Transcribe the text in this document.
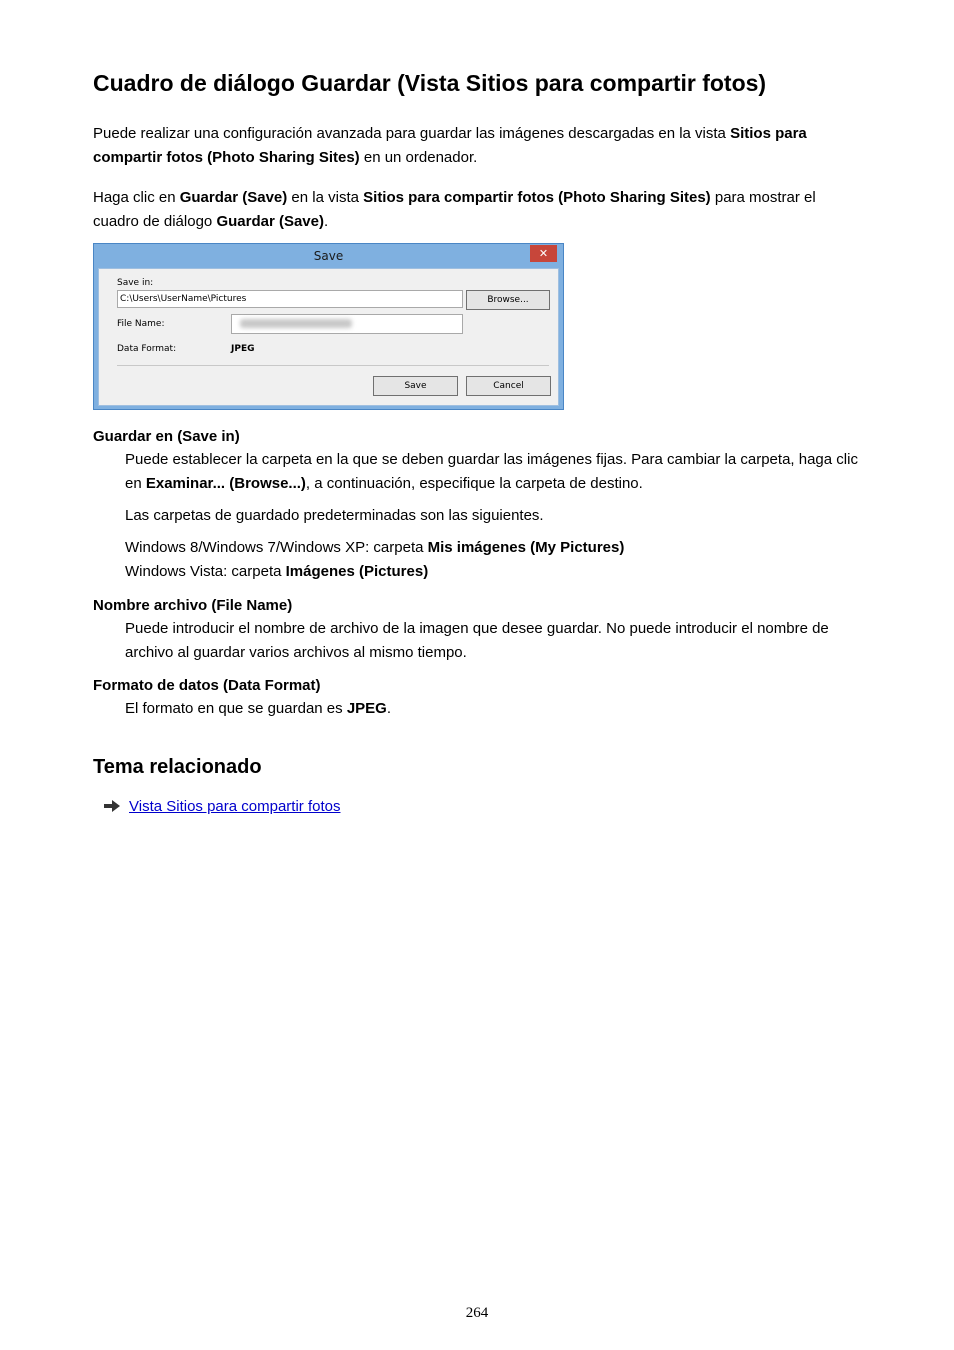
Cuadro de diálogo Guardar (Vista Sitios para compartir fotos)

Puede realizar una configuración avanzada para guardar las imágenes descargadas en la vista Sitios para compartir fotos (Photo Sharing Sites) en un ordenador.

Haga clic en Guardar (Save) en la vista Sitios para compartir fotos (Photo Sharing Sites) para mostrar el cuadro de diálogo Guardar (Save).

Save	✕
Save in:
C:\Users\UserName\Pictures	Browse...
File Name:
Data Format:	JPEG
Save	Cancel

Guardar en (Save in)

Puede establecer la carpeta en la que se deben guardar las imágenes fijas. Para cambiar la carpeta, haga clic en Examinar... (Browse...), a continuación, especifique la carpeta de destino.

Las carpetas de guardado predeterminadas son las siguientes.

Windows 8/Windows 7/Windows XP: carpeta Mis imágenes (My Pictures)

Windows Vista: carpeta Imágenes (Pictures)

Nombre archivo (File Name)

Puede introducir el nombre de archivo de la imagen que desee guardar. No puede introducir el nombre de archivo al guardar varios archivos al mismo tiempo.

Formato de datos (Data Format)

El formato en que se guardan es JPEG.

Tema relacionado
Vista Sitios para compartir fotos
264
